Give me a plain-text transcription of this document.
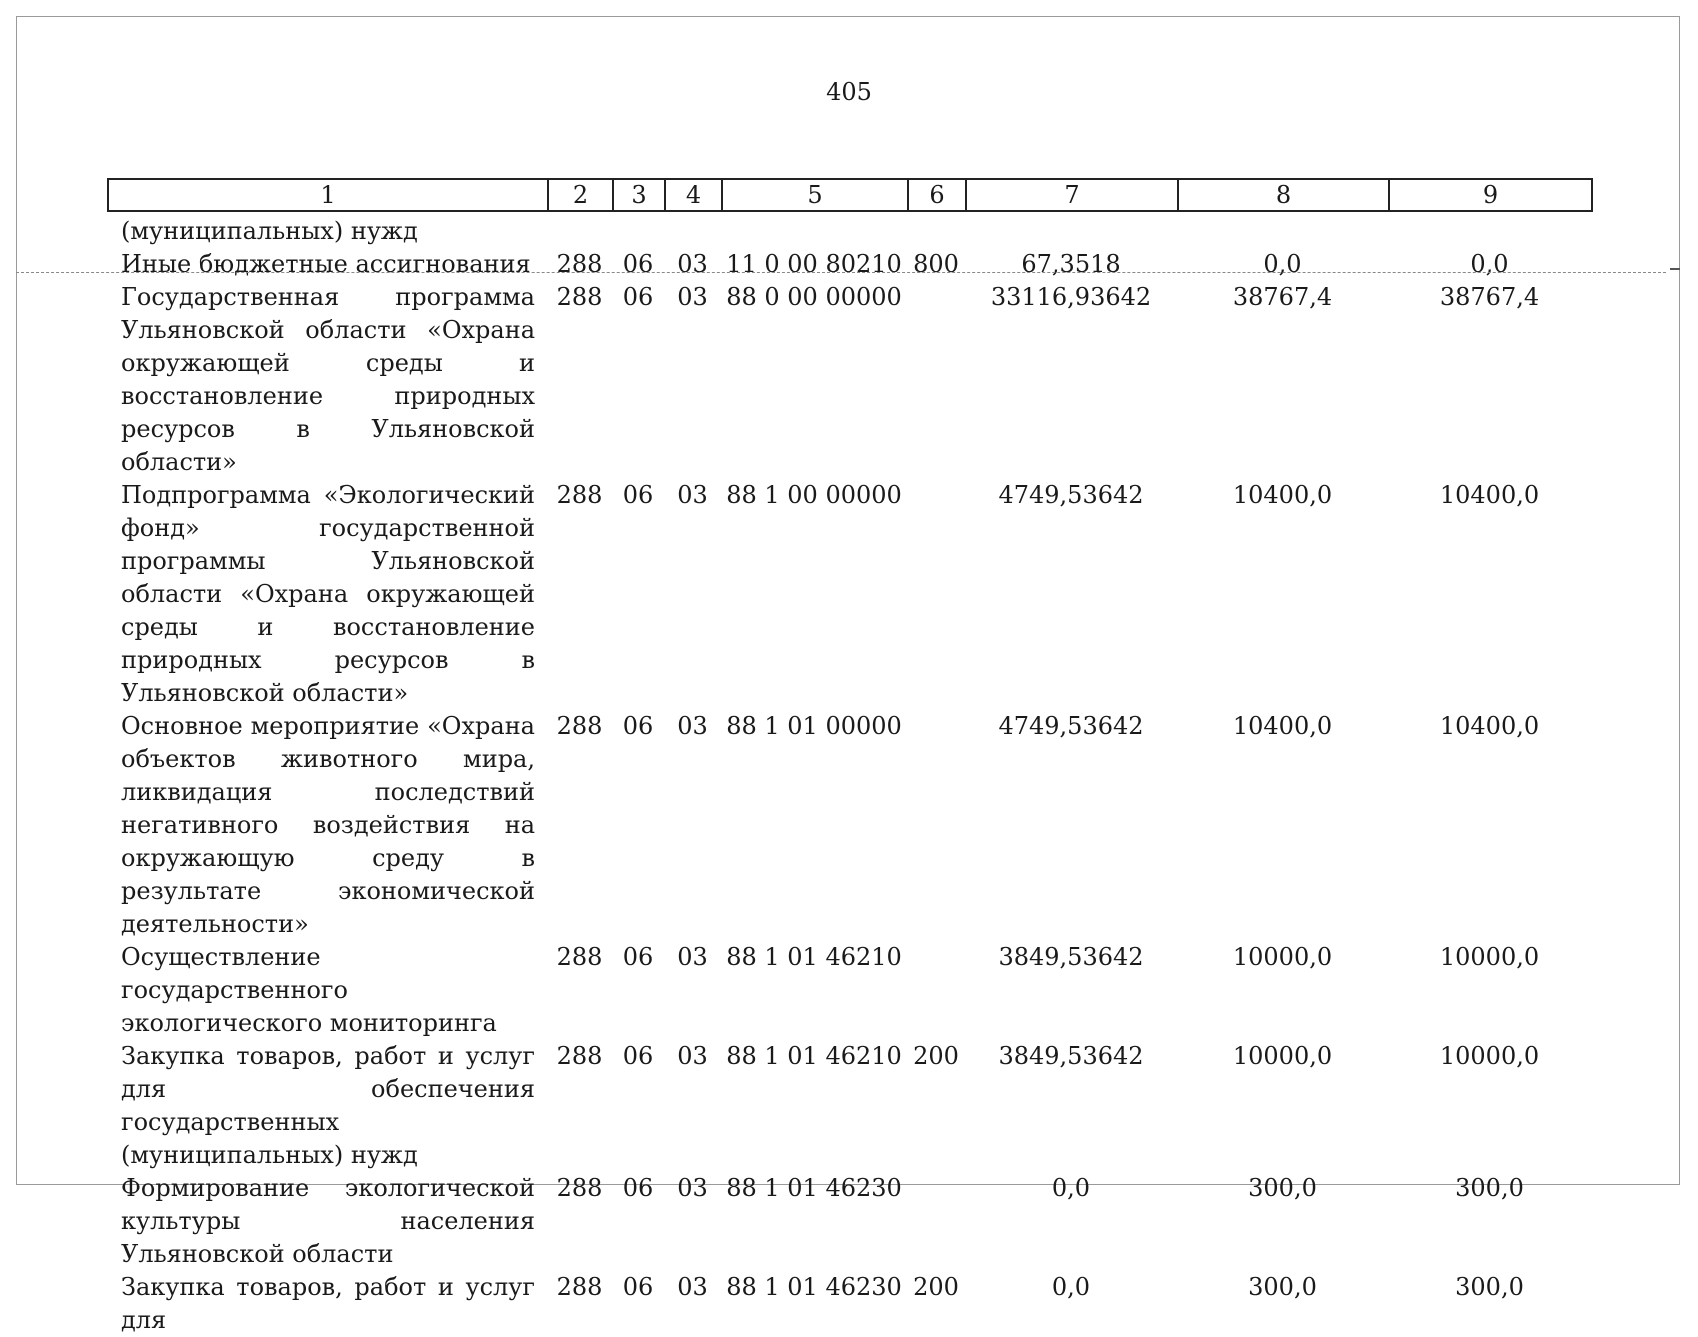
405
1	2	3	4	5	6	7	8	9
(муниципальных) нужд								
Иные бюджетные ассигнования	288	06	03	11 0 00 80210	800	67,3518	0,0	0,0
Государственная программа Ульяновской области «Охрана окружающей среды и восстановление природных ресурсов в Ульяновской области»	288	06	03	88 0 00 00000		33116,93642	38767,4	38767,4
Подпрограмма «Экологический фонд» государственной программы Ульяновской области «Охрана окружающей среды и восстановление природных ресурсов в Ульяновской области»	288	06	03	88 1 00 00000		4749,53642	10400,0	10400,0
Основное мероприятие «Охрана объектов животного мира, ликвидация последствий негативного воздействия на окружающую среду в результате экономической деятельности»	288	06	03	88 1 01 00000		4749,53642	10400,0	10400,0
Осуществление государственного экологического мониторинга	288	06	03	88 1 01 46210		3849,53642	10000,0	10000,0
Закупка товаров, работ и услуг для обеспечения государственных (муниципальных) нужд	288	06	03	88 1 01 46210	200	3849,53642	10000,0	10000,0
Формирование экологической культуры населения Ульяновской области	288	06	03	88 1 01 46230		0,0	300,0	300,0
Закупка товаров, работ и услуг для	288	06	03	88 1 01 46230	200	0,0	300,0	300,0
